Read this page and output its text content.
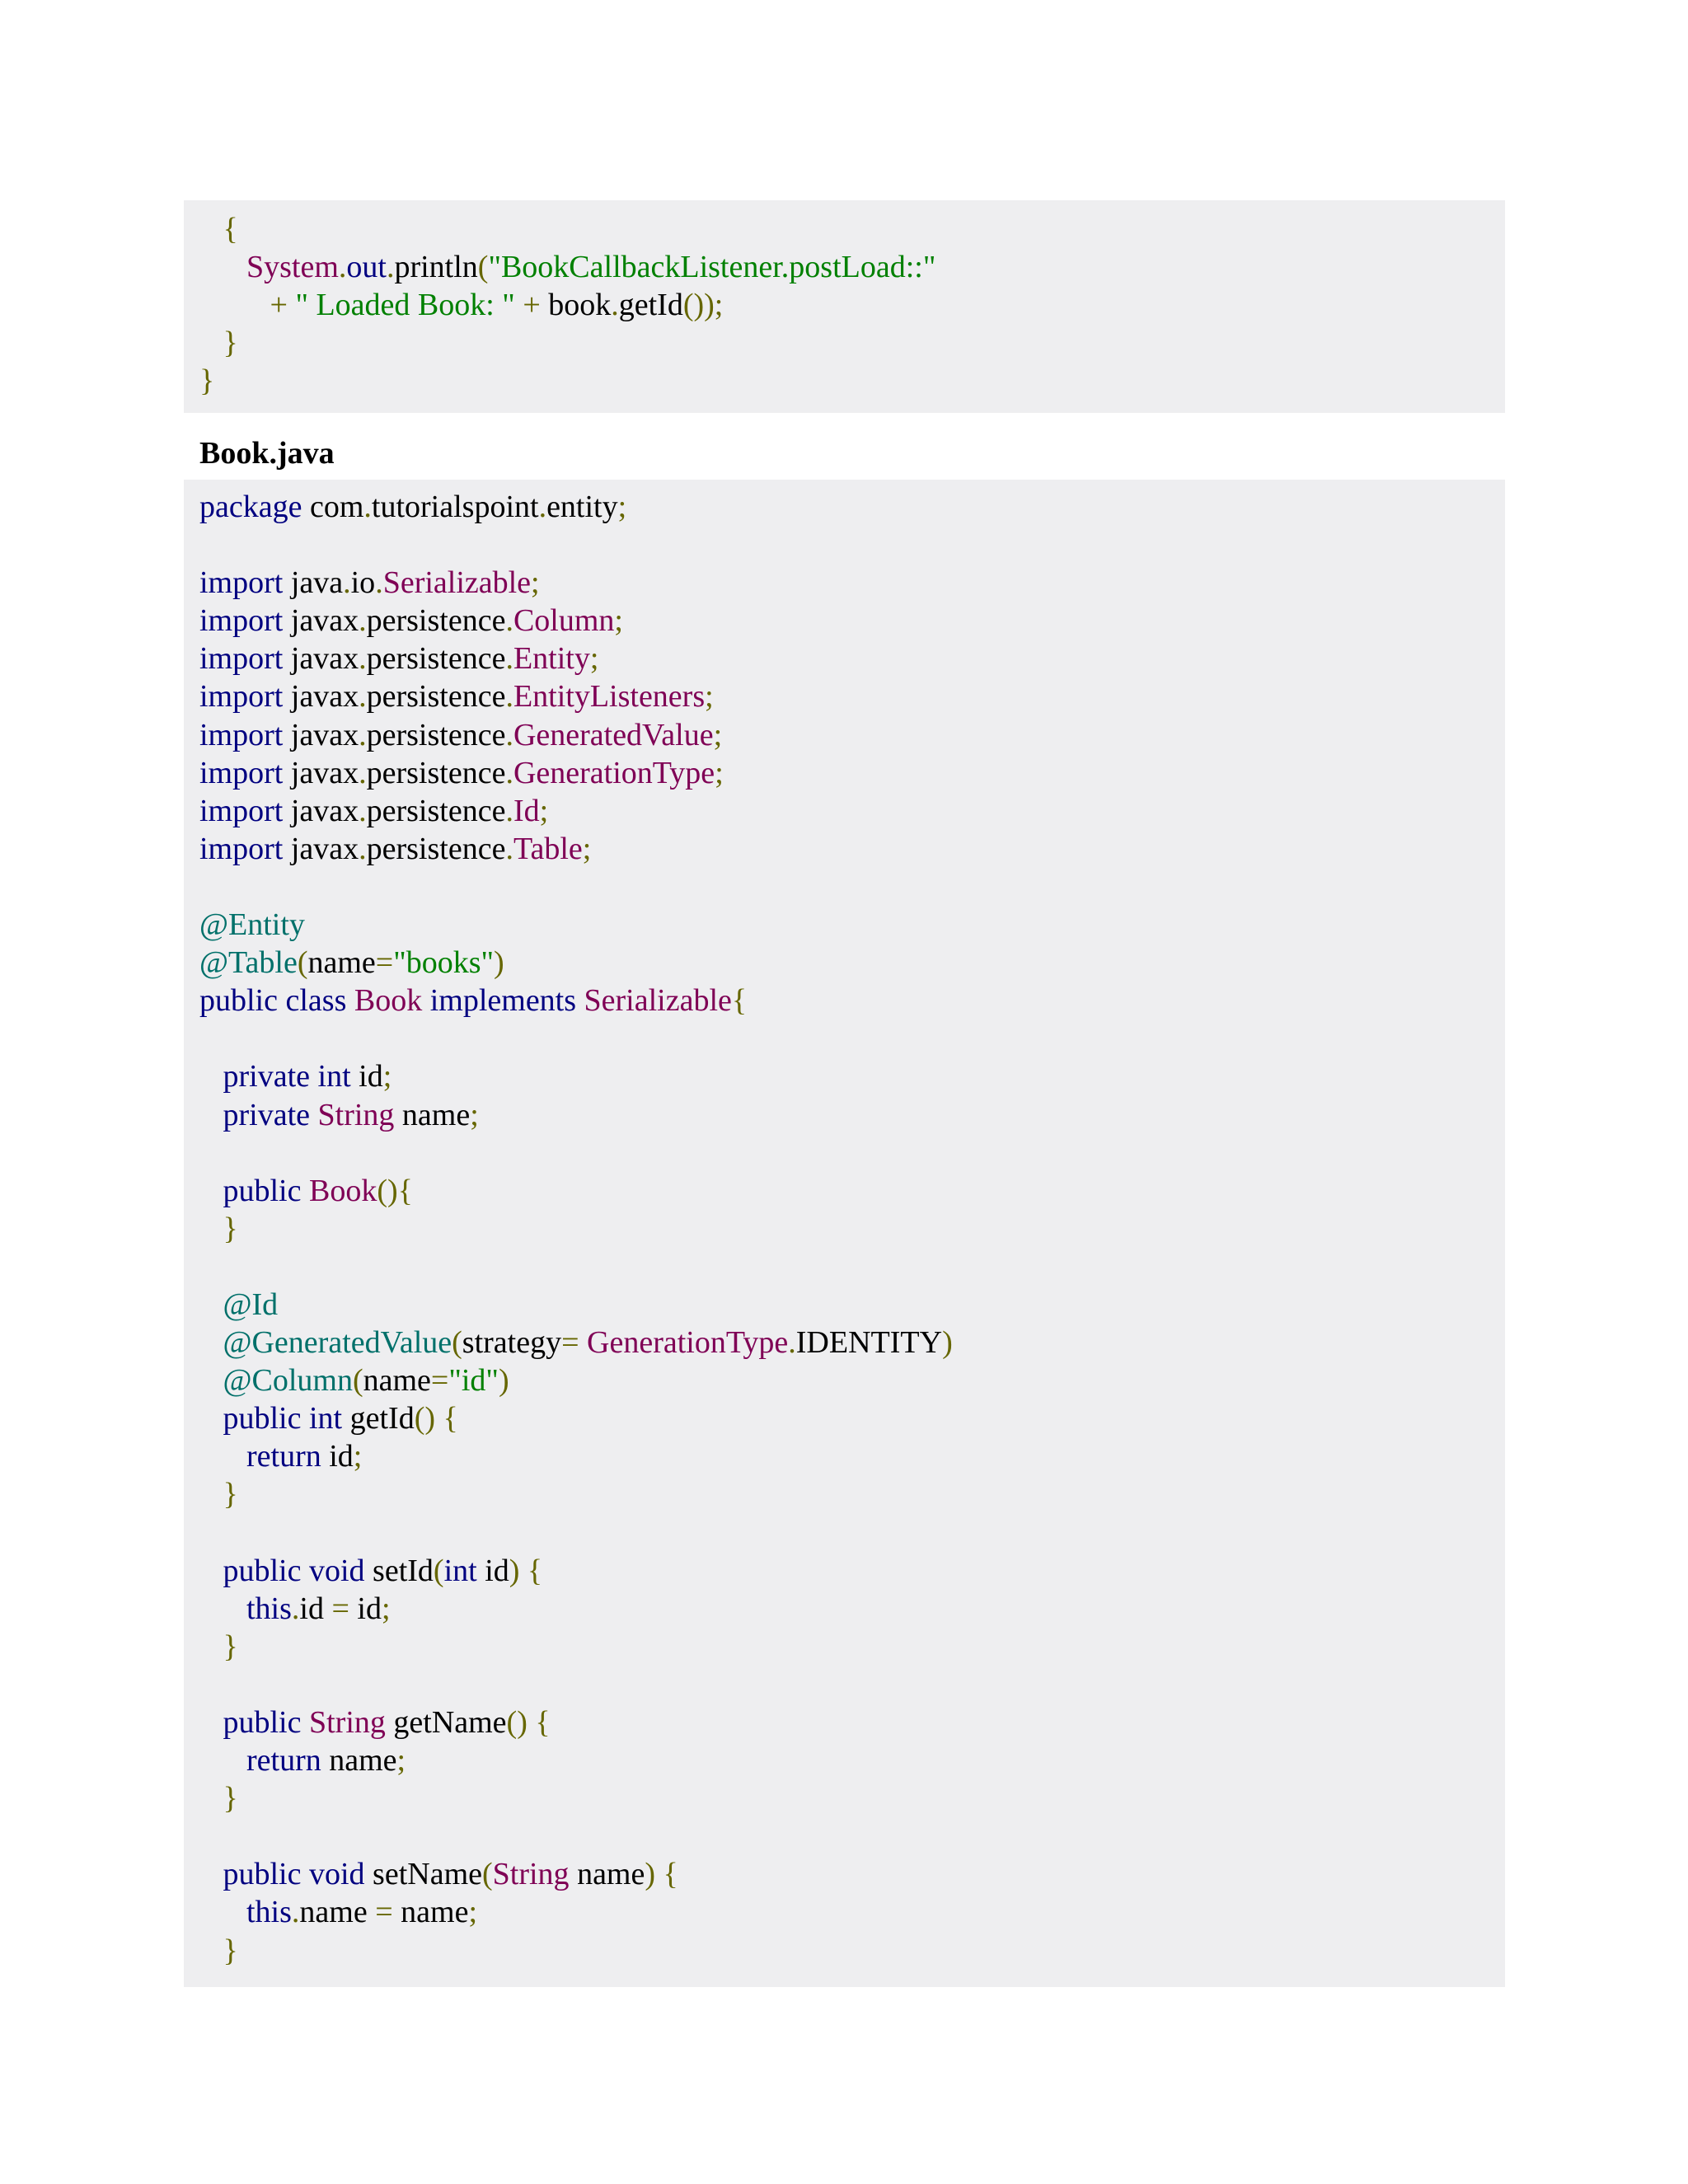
{
System.out.println("BookCallbackListener.postLoad::"
+ " Loaded Book: " + book.getId());
}
}
Book.java
package com.tutorialspoint.entity;
import java.io.Serializable;
import javax.persistence.Column;
import javax.persistence.Entity;
import javax.persistence.EntityListeners;
import javax.persistence.GeneratedValue;
import javax.persistence.GenerationType;
import javax.persistence.Id;
import javax.persistence.Table;
@Entity
@Table(name="books")
public class Book implements Serializable{
private int id;
private String name;
public Book(){
}
@Id
@GeneratedValue(strategy= GenerationType.IDENTITY)
@Column(name="id")
public int getId() {
return id;
}
public void setId(int id) {
this.id = id;
}
public String getName() {
return name;
}
public void setName(String name) {
this.name = name;
}
